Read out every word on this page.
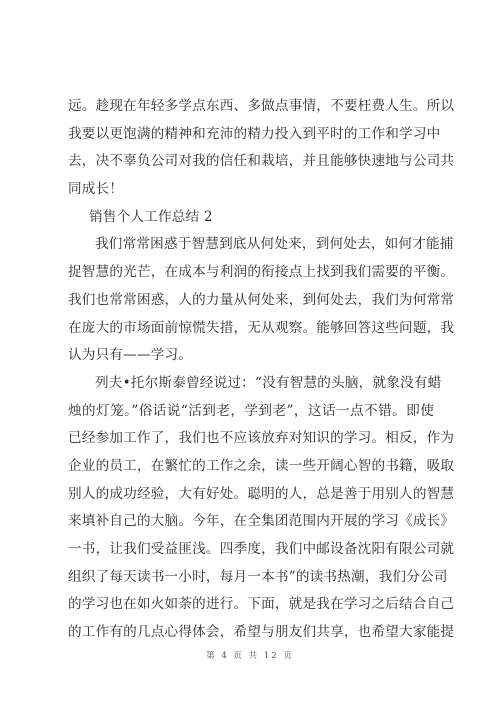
远。趁现在年轻多学点东西、多做点事情，不要枉费人生。所以
我要以更饱满的精神和充沛的精力投入到平时的工作和学习中
去，决不辜负公司对我的信任和栽培，并且能够快速地与公司共
同成长！
销售个人工作总结 2
我们常常困惑于智慧到底从何处来，到何处去，如何才能捕
捉智慧的光芒，在成本与利润的衔接点上找到我们需要的平衡。
我们也常常困惑，人的力量从何处来，到何处去，我们为何常常
在庞大的市场面前惊慌失措，无从观察。能够回答这些问题，我
认为只有——学习。
列夫•托尔斯泰曾经说过：“没有智慧的头脑，就象没有蜡
烛的灯笼。”俗话说“活到老，学到老”，这话一点不错。即使
已经参加工作了，我们也不应该放弃对知识的学习。相反，作为
企业的员工，在繁忙的工作之余，读一些开阔心智的书籍，吸取
别人的成功经验，大有好处。聪明的人，总是善于用别人的智慧
来填补自己的大脑。今年，在全集团范围内开展的学习《成长》
一书，让我们受益匪浅。四季度，我们中邮设备沈阳有限公司就
组织了每天读书一小时，每月一本书”的读书热潮，我们分公司
的学习也在如火如荼的进行。下面，就是我在学习之后结合自己
的工作有的几点心得体会，希望与朋友们共享，也希望大家能提
第 4 页 共 12 页
